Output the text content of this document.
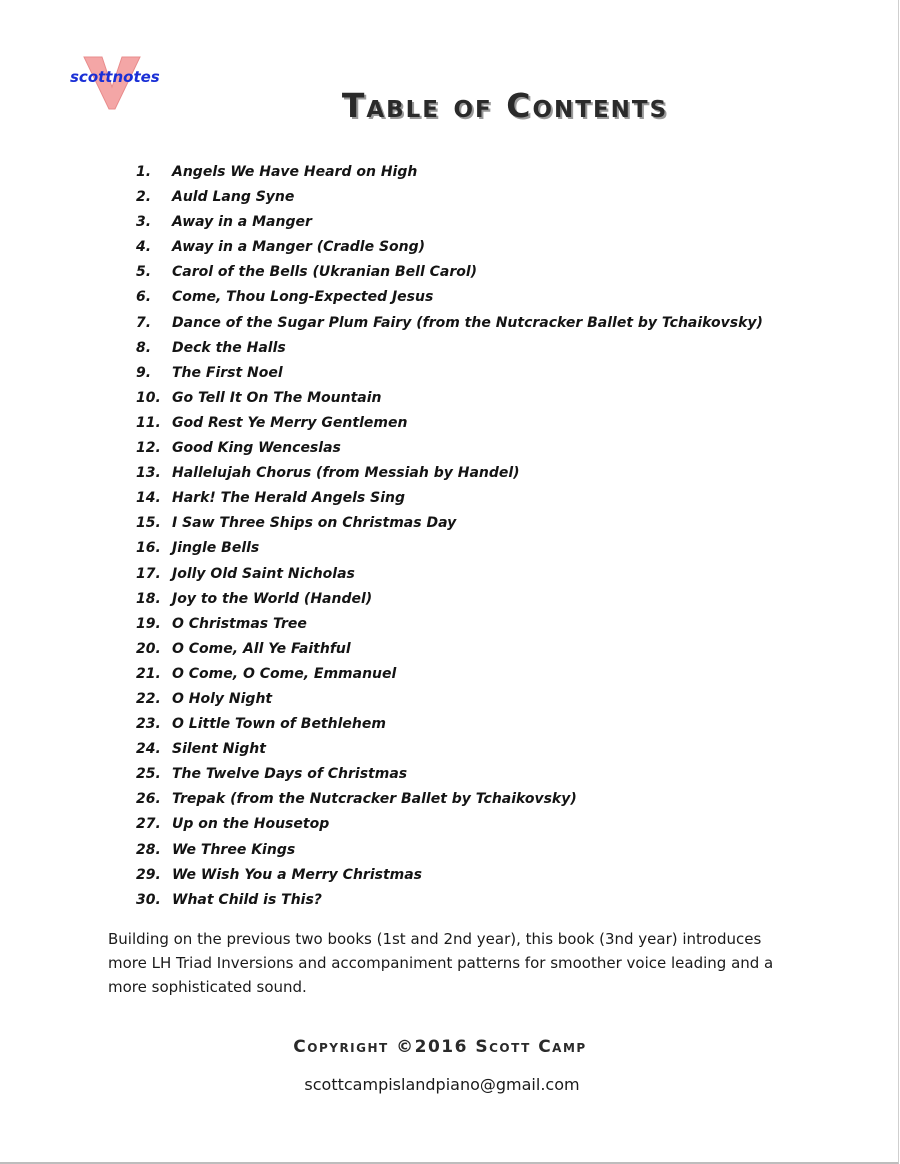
scottnotes
Table of Contents
1. Angels We Have Heard on High
2. Auld Lang Syne
3. Away in a Manger
4. Away in a Manger (Cradle Song)
5. Carol of the Bells (Ukranian Bell Carol)
6. Come, Thou Long-Expected Jesus
7. Dance of the Sugar Plum Fairy (from the Nutcracker Ballet by Tchaikovsky)
8. Deck the Halls
9. The First Noel
10. Go Tell It On The Mountain
11. God Rest Ye Merry Gentlemen
12. Good King Wenceslas
13. Hallelujah Chorus (from Messiah by Handel)
14. Hark! The Herald Angels Sing
15. I Saw Three Ships on Christmas Day
16. Jingle Bells
17. Jolly Old Saint Nicholas
18. Joy to the World (Handel)
19. O Christmas Tree
20. O Come, All Ye Faithful
21. O Come, O Come, Emmanuel
22. O Holy Night
23. O Little Town of Bethlehem
24. Silent Night
25. The Twelve Days of Christmas
26. Trepak (from the Nutcracker Ballet by Tchaikovsky)
27. Up on the Housetop
28. We Three Kings
29. We Wish You a Merry Christmas
30. What Child is This?

Building on the previous two books (1st and 2nd year), this book (3nd year) introduces more LH Triad Inversions and accompaniment patterns for smoother voice leading and a more sophisticated sound.

Copyright ©2016 Scott Camp
scottcampislandpiano@gmail.com
